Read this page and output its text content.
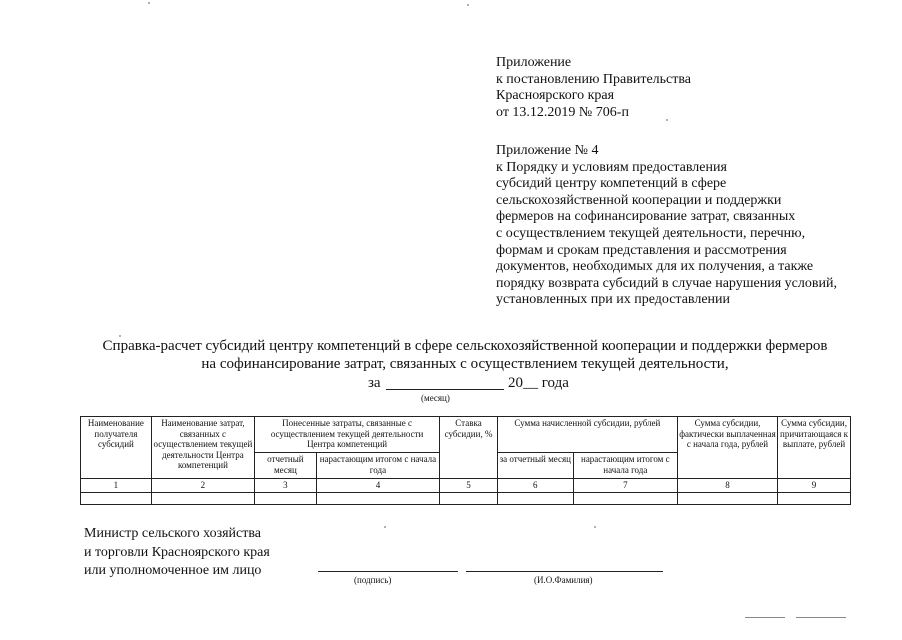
Приложение
к постановлению Правительства
Красноярского края
от 13.12.2019 № 706-п
Приложение № 4
к Порядку и условиям предоставления
субсидий центру компетенций в сфере
сельскохозяйственной кооперации и поддержки
фермеров на софинансирование затрат, связанных
с осуществлением текущей деятельности, перечню,
формам и срокам представления и рассмотрения
документов, необходимых для их получения, а также
порядку возврата субсидий в случае нарушения условий,
установленных при их предоставлении
Справка-расчет субсидий центру компетенций в сфере сельскохозяйственной кооперации и поддержки фермеров
на софинансирование затрат, связанных с осуществлением текущей деятельности,
за	20__ года
(месяц)
Наименование получателя субсидий	Наименование затрат, связанных с осуществлением текущей деятельности Центра компетенций	Понесенные затраты, связанные с осуществлением текущей деятельности Центра компетенций		Ставка субсидии, %	Сумма начисленной субсидии, рублей		Сумма субсидии, фактически выплаченная с начала года, рублей	Сумма субсидии, причитающаяся к выплате, рублей
		отчетный месяц	нарастающим итогом с начала года		за отчетный месяц	нарастающим итогом с начала года		
1	2	3	4	5	6	7	8	9

Министр сельского хозяйства
и торговли Красноярского края
или уполномоченное им лицо
(подпись)	(И.О.Фамилия)
